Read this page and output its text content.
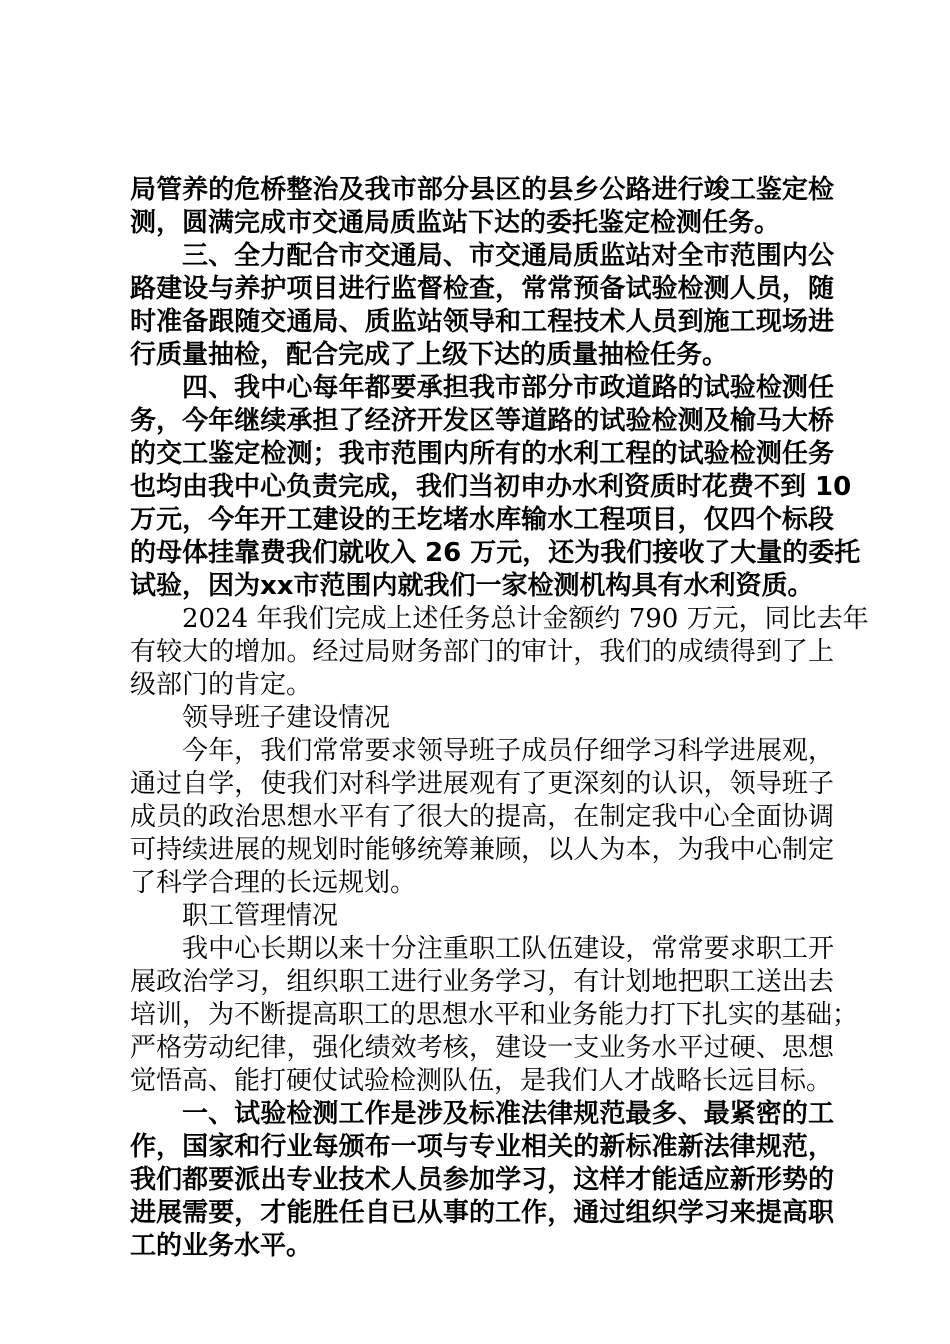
局管养的危桥整治及我市部分县区的县乡公路进行竣工鉴定检
测，圆满完成市交通局质监站下达的委托鉴定检测任务。
三、全力配合市交通局、市交通局质监站对全市范围内公
路建设与养护项目进行监督检查，常常预备试验检测人员，随
时准备跟随交通局、质监站领导和工程技术人员到施工现场进
行质量抽检，配合完成了上级下达的质量抽检任务。
四、我中心每年都要承担我市部分市政道路的试验检测任
务，今年继续承担了经济开发区等道路的试验检测及榆马大桥
的交工鉴定检测；我市范围内所有的水利工程的试验检测任务
也均由我中心负责完成，我们当初申办水利资质时花费不到 10
万元，今年开工建设的王圪堵水库输水工程项目，仅四个标段
的母体挂靠费我们就收入 26 万元，还为我们接收了大量的委托
试验，因为xx市范围内就我们一家检测机构具有水利资质。
2024 年我们完成上述任务总计金额约 790 万元，同比去年
有较大的增加。经过局财务部门的审计，我们的成绩得到了上
级部门的肯定。
领导班子建设情况
今年，我们常常要求领导班子成员仔细学习科学进展观，
通过自学，使我们对科学进展观有了更深刻的认识，领导班子
成员的政治思想水平有了很大的提高，在制定我中心全面协调
可持续进展的规划时能够统筹兼顾，以人为本，为我中心制定
了科学合理的长远规划。
职工管理情况
我中心长期以来十分注重职工队伍建设，常常要求职工开
展政治学习，组织职工进行业务学习，有计划地把职工送出去
培训，为不断提高职工的思想水平和业务能力打下扎实的基础；
严格劳动纪律，强化绩效考核，建设一支业务水平过硬、思想
觉悟高、能打硬仗试验检测队伍，是我们人才战略长远目标。
一、试验检测工作是涉及标准法律规范最多、最紧密的工
作，国家和行业每颁布一项与专业相关的新标准新法律规范，
我们都要派出专业技术人员参加学习，这样才能适应新形势的
进展需要，才能胜任自已从事的工作，通过组织学习来提高职
工的业务水平。
